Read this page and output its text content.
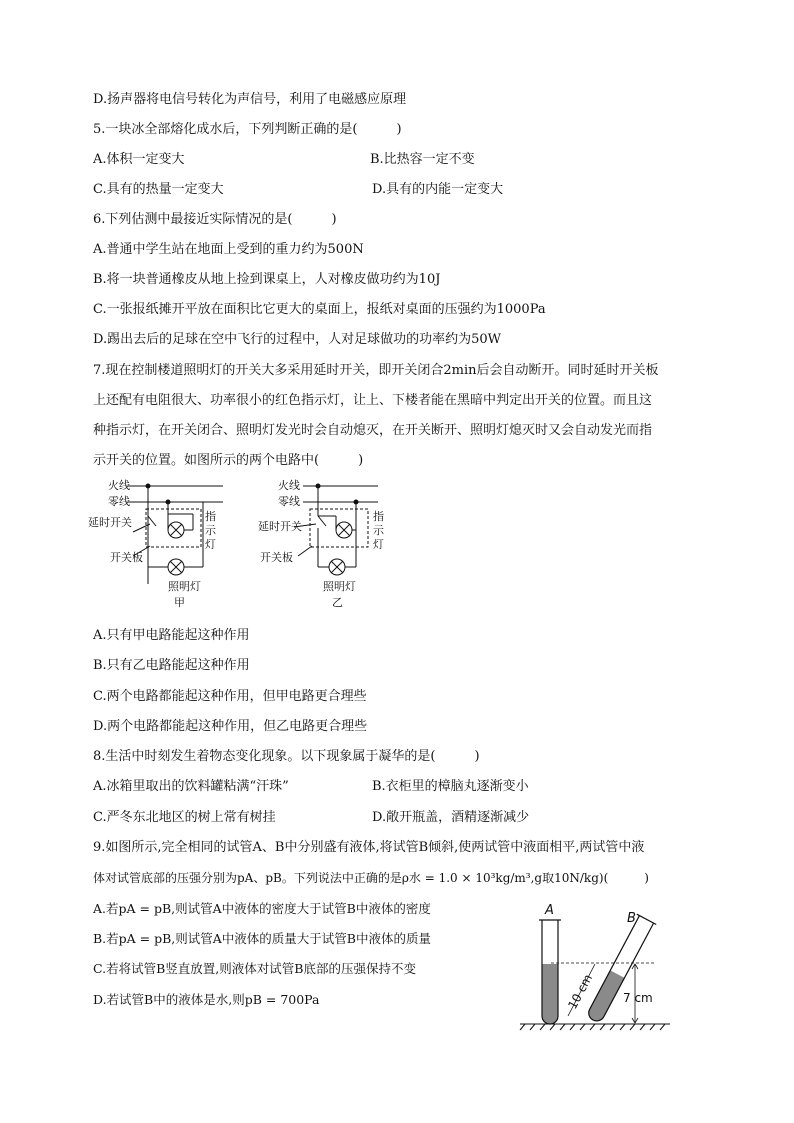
D.扬声器将电信号转化为声信号，利用了电磁感应原理
5.一块冰全部熔化成水后，下列判断正确的是(　　　)
A.体积一定变大	B.比热容一定不变
C.具有的热量一定变大	D.具有的内能一定变大
6.下列估测中最接近实际情况的是(　　　)
A.普通中学生站在地面上受到的重力约为500N
B.将一块普通橡皮从地上捡到课桌上，人对橡皮做功约为10J
C.一张报纸摊开平放在面积比它更大的桌面上，报纸对桌面的压强约为1000Pa
D.踢出去后的足球在空中飞行的过程中，人对足球做功的功率约为50W
7.现在控制楼道照明灯的开关大多采用延时开关，即开关闭合2min后会自动断开。同时延时开关板
上还配有电阻很大、功率很小的红色指示灯，让上、下楼者能在黑暗中判定出开关的位置。而且这
种指示灯，在开关闭合、照明灯发光时会自动熄灭，在开关断开、照明灯熄灭时又会自动发光而指
示开关的位置。如图所示的两个电路中(　　　)
火线
零线
延时开关
开关板
指
示
灯
照明灯
甲
火线
零线
延时开关
开关板
指
示
灯
照明灯
乙
A.只有甲电路能起这种作用
B.只有乙电路能起这种作用
C.两个电路都能起这种作用，但甲电路更合理些
D.两个电路都能起这种作用，但乙电路更合理些
8.生活中时刻发生着物态变化现象。以下现象属于凝华的是(　　　)
A.冰箱里取出的饮料罐粘满“汗珠”	B.衣柜里的樟脑丸逐渐变小
C.严冬东北地区的树上常有树挂	D.敞开瓶盖，酒精逐渐减少
9.如图所示,完全相同的试管A、B中分别盛有液体,将试管B倾斜,使两试管中液面相平,两试管中液
体对试管底部的压强分别为pA、pB。下列说法中正确的是ρ水 = 1.0 × 10³kg/m³,g取10N/kg)(　　　)
A.若pA = pB,则试管A中液体的密度大于试管B中液体的密度
B.若pA = pB,则试管A中液体的质量大于试管B中液体的质量
C.若将试管B竖直放置,则液体对试管B底部的压强保持不变
D.若试管B中的液体是水,则pB = 700Pa	10 cm 7 cm
A
B
